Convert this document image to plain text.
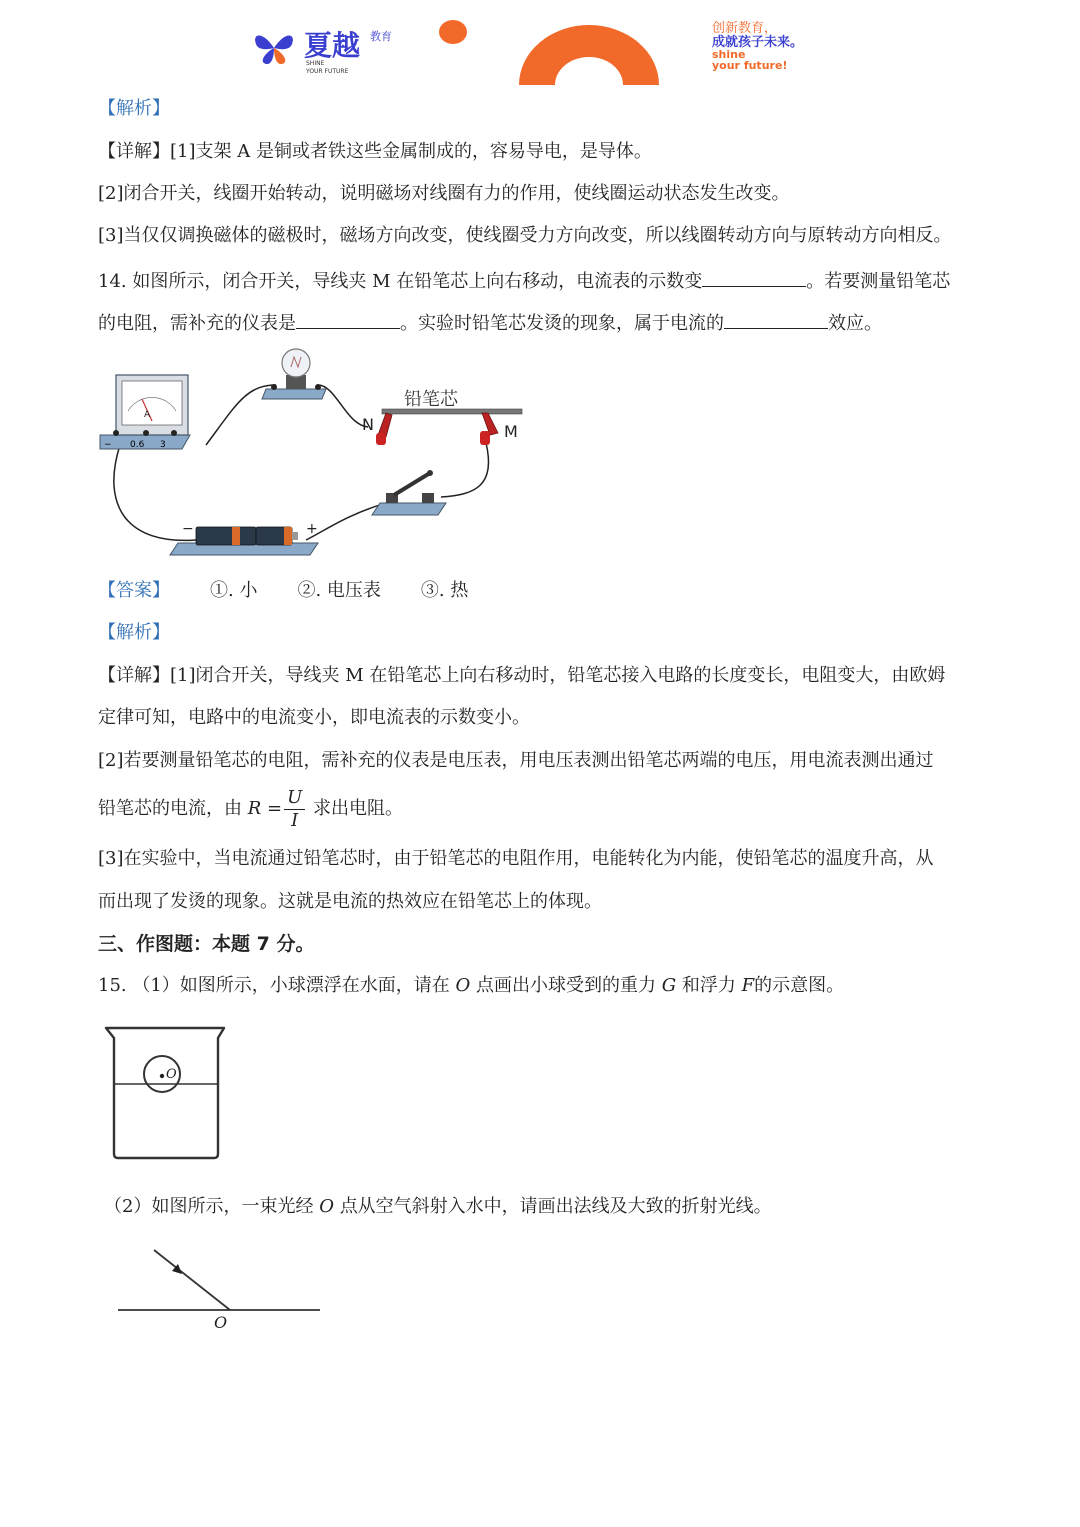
夏越 教育
SHINE
YOUR FUTURE
创新教育，
成就孩子未来。
shine
your future!
【解析】
【详解】[1]支架 A 是铜或者铁这些金属制成的，容易导电，是导体。
[2]闭合开关，线圈开始转动，说明磁场对线圈有力的作用，使线圈运动状态发生改变。
[3]当仅仅调换磁体的磁极时，磁场方向改变，使线圈受力方向改变，所以线圈转动方向与原转动方向相反。
14. 如图所示，闭合开关，导线夹 M 在铅笔芯上向右移动，电流表的示数变	。若要测量铅笔芯
的电阻，需补充的仪表是	。实验时铅笔芯发烫的现象，属于电流的	效应。
A
− 0.6 3
铅笔芯
N	M
−	+
【答案】 ①. 小 ②. 电压表 ③. 热
【解析】
【详解】[1]闭合开关，导线夹 M 在铅笔芯上向右移动时，铅笔芯接入电路的长度变长，电阻变大，由欧姆
定律可知，电路中的电流变小，即电流表的示数变小。
[2]若要测量铅笔芯的电阻，需补充的仪表是电压表，用电压表测出铅笔芯两端的电压，用电流表测出通过
铅笔芯的电流，由 $R = \frac{U}{I}$ 求出电阻。
[3]在实验中，当电流通过铅笔芯时，由于铅笔芯的电阻作用，电能转化为内能，使铅笔芯的温度升高，从
而出现了发烫的现象。这就是电流的热效应在铅笔芯上的体现。
三、作图题：本题 7 分。
15. （1）如图所示，小球漂浮在水面，请在 O 点画出小球受到的重力 G 和浮力 F的示意图。
O
（2）如图所示，一束光经 O 点从空气斜射入水中，请画出法线及大致的折射光线。
O
